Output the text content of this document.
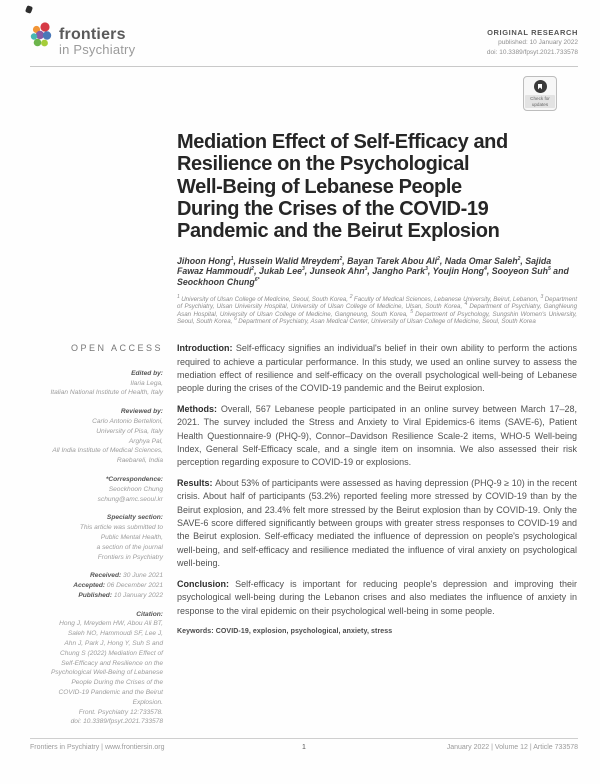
frontiers
in Psychiatry
ORIGINAL RESEARCH
published: 10 January 2022
doi: 10.3389/fpsyt.2021.733578
Check for updates
OPEN ACCESS
Edited by:
Ilaria Lega,
Italian National Institute of Health, Italy
Reviewed by:
Carlo Antonio Bertelloni,
University of Pisa, Italy
Arghya Pal,
All India Institute of Medical Sciences,
Raebareli, India
*Correspondence:
Seockhoon Chung
schung@amc.seoul.kr
Specialty section:
This article was submitted to
Public Mental Health,
a section of the journal
Frontiers in Psychiatry
Received: 30 June 2021
Accepted: 06 December 2021
Published: 10 January 2022
Citation:
Hong J, Mreydem HW, Abou Ali BT,
Saleh NO, Hammoudi SF, Lee J,
Ahn J, Park J, Hong Y, Suh S and
Chung S (2022) Mediation Effect of
Self-Efficacy and Resilience on the
Psychological Well-Being of Lebanese
People During the Crises of the
COVID-19 Pandemic and the Beirut
Explosion.
Front. Psychiatry 12:733578.
doi: 10.3389/fpsyt.2021.733578
Mediation Effect of Self-Efficacy and
Resilience on the Psychological
Well-Being of Lebanese People
During the Crises of the COVID-19
Pandemic and the Beirut Explosion
Jihoon Hong$^1$, Hussein Walid Mreydem$^2$, Bayan Tarek Abou Ali$^2$, Nada Omar Saleh$^2$, Sajida Fawaz Hammoudi$^2$, Jukab Lee$^3$, Junseok Ahn$^3$, Jangho Park$^3$, Youjin Hong$^4$, Sooyeon Suh$^5$ and Seockhoon Chung$^{6*}$
$^1$ University of Ulsan College of Medicine, Seoul, South Korea, $^2$ Faculty of Medical Sciences, Lebanese University, Beirut, Lebanon, $^3$ Department of Psychiatry, Ulsan University Hospital, University of Ulsan College of Medicine, Ulsan, South Korea, $^4$ Department of Psychiatry, GangNeung Asan Hospital, University of Ulsan College of Medicine, Gangneung, South Korea, $^5$ Department of Psychology, Sungshin Women's University, Seoul, South Korea, $^6$ Department of Psychiatry, Asan Medical Center, University of Ulsan College of Medicine, Seoul, South Korea

Introduction: Self-efficacy signifies an individual's belief in their own ability to perform the actions required to achieve a particular performance. In this study, we used an online survey to assess the mediation effect of resilience and self-efficacy on the overall psychological well-being of Lebanese people during the crises of the COVID-19 pandemic and the Beirut explosion.

Methods: Overall, 567 Lebanese people participated in an online survey between March 17–28, 2021. The survey included the Stress and Anxiety to Viral Epidemics-6 items (SAVE-6), Patient Health Questionnaire-9 (PHQ-9), Connor–Davidson Resilience Scale-2 items, WHO-5 Well-being Index, General Self-Efficacy scale, and a single item on insomnia. We also assessed their risk perception regarding exposure to COVID-19 or explosions.

Results: About 53% of participants were assessed as having depression (PHQ-9 ≥ 10) in the recent crisis. About half of participants (53.2%) reported feeling more stressed by COVID-19 than by the Beirut explosion, and 23.4% felt more stressed by the Beirut explosion than by COVID-19. Only the SAVE-6 score differed significantly between groups with greater stress responses to COVID-19 and the Beirut explosion. Self-efficacy mediated the influence of depression on people's psychological well-being, and self-efficacy and resilience mediated the influence of viral anxiety on psychological well-being.

Conclusion: Self-efficacy is important for reducing people's depression and improving their psychological well-being during the Lebanon crises and also mediates the influence of anxiety in response to the viral epidemic on their psychological well-being in some people.

Keywords: COVID-19, explosion, psychological, anxiety, stress
Frontiers in Psychiatry | www.frontiersin.org	1	January 2022 | Volume 12 | Article 733578
